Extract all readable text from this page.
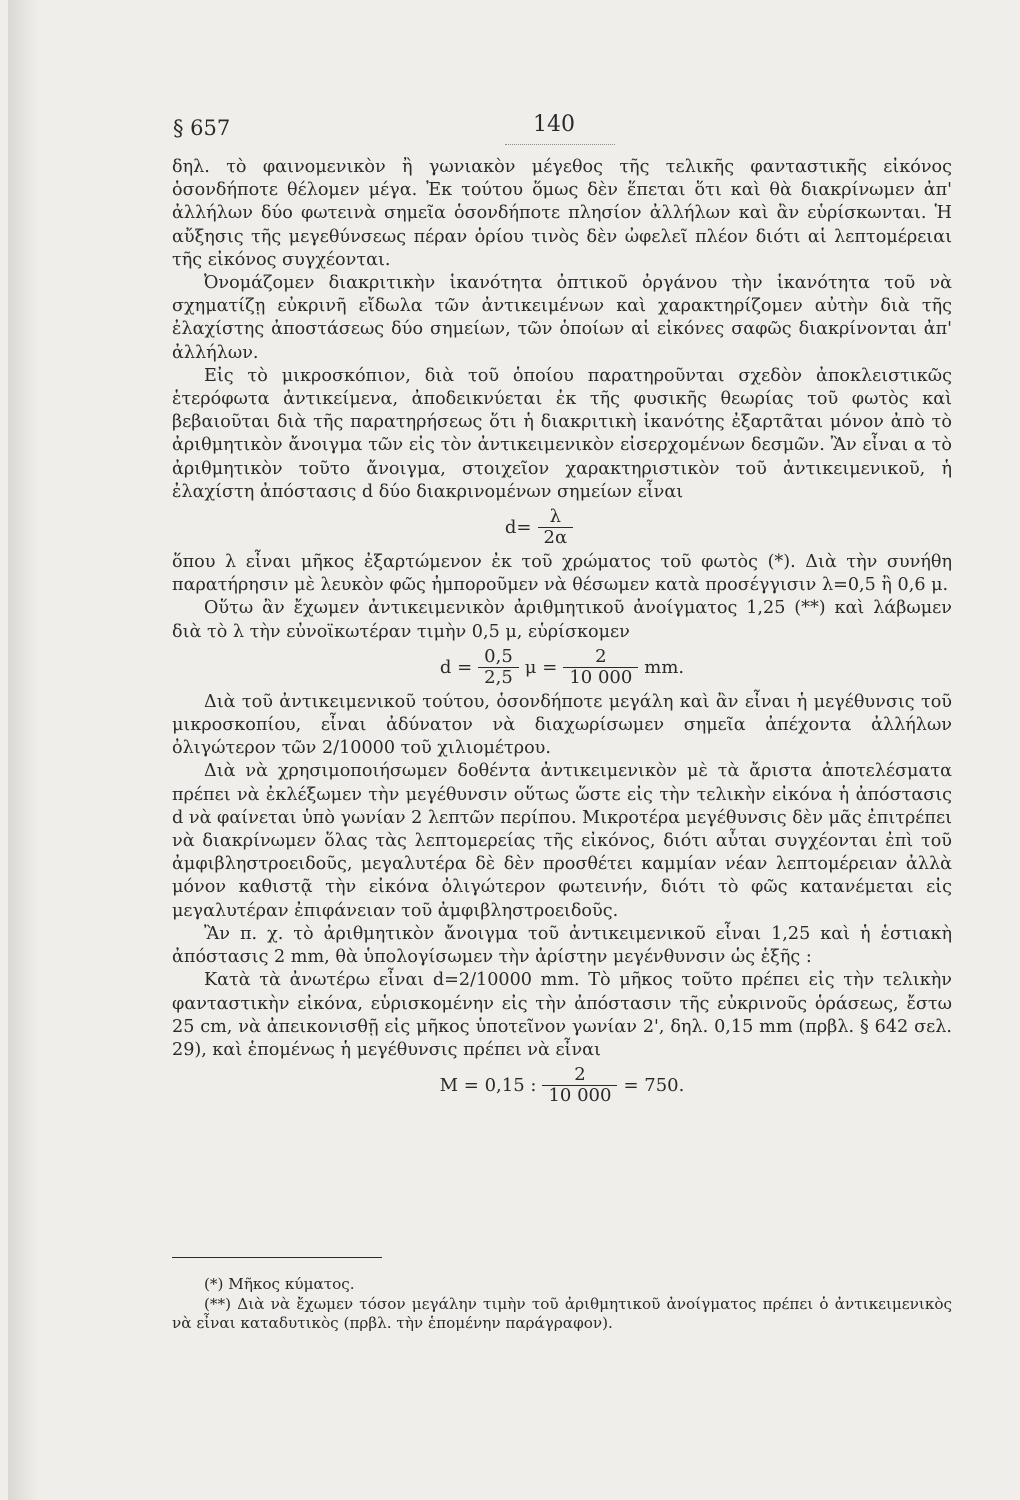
§ 657	140

δηλ. τὸ φαινομενικὸν ἢ γωνιακὸν μέγεθος τῆς τελικῆς φανταστικῆς εἰκόνος ὁσονδήποτε θέλομεν μέγα. Ἐκ τούτου ὅμως δὲν ἕπεται ὅτι καὶ θὰ διακρίνωμεν ἀπ' ἀλλήλων δύο φωτεινὰ σημεῖα ὁσονδήποτε πλησίον ἀλλήλων καὶ ἂν εὑρίσκωνται. Ἡ αὔξησις τῆς μεγεθύνσεως πέραν ὁρίου τινὸς δὲν ὠφελεῖ πλέον διότι αἱ λεπτομέρειαι τῆς εἰκόνος συγχέονται.

Ὀνομάζομεν διακριτικὴν ἱκανότητα ὀπτικοῦ ὀργάνου τὴν ἱκανότητα τοῦ νὰ σχηματίζῃ εὐκρινῆ εἴδωλα τῶν ἀντικειμένων καὶ χαρακτηρίζομεν αὐτὴν διὰ τῆς ἐλαχίστης ἀποστάσεως δύο σημείων, τῶν ὁποίων αἱ εἰκόνες σαφῶς διακρίνονται ἀπ' ἀλλήλων.

Εἰς τὸ μικροσκόπιον, διὰ τοῦ ὁποίου παρατηροῦνται σχεδὸν ἀποκλειστικῶς ἑτερόφωτα ἀντικείμενα, ἀποδεικνύεται ἐκ τῆς φυσικῆς θεωρίας τοῦ φωτὸς καὶ βεβαιοῦται διὰ τῆς παρατηρήσεως ὅτι ἡ διακριτικὴ ἱκανότης ἐξαρτᾶται μόνον ἀπὸ τὸ ἀριθμητικὸν ἄνοιγμα τῶν εἰς τὸν ἀντικειμενικὸν εἰσερχομένων δεσμῶν. Ἂν εἶναι α τὸ ἀριθμητικὸν τοῦτο ἄνοιγμα, στοιχεῖον χαρακτηριστικὸν τοῦ ἀντικειμενικοῦ, ἡ ἐλαχίστη ἀπόστασις d δύο διακρινομένων σημείων εἶναι

$d= \frac{\lambda}{2\alpha}$

ὅπου λ εἶναι μῆκος ἐξαρτώμενον ἐκ τοῦ χρώματος τοῦ φωτὸς (*). Διὰ τὴν συνήθη παρατήρησιν μὲ λευκὸν φῶς ἠμποροῦμεν νὰ θέσωμεν κατὰ προσέγγισιν λ=0,5 ἢ 0,6 μ.

Οὕτω ἂν ἔχωμεν ἀντικειμενικὸν ἀριθμητικοῦ ἀνοίγματος 1,25 (**) καὶ λάβωμεν διὰ τὸ λ τὴν εὐνοϊκωτέραν τιμὴν 0,5 μ, εὑρίσκομεν

$d = \frac{0,5}{2,5}$ $\mu = \frac{2}{10 000}$ mm.

Διὰ τοῦ ἀντικειμενικοῦ τούτου, ὁσονδήποτε μεγάλη καὶ ἂν εἶναι ἡ μεγέθυνσις τοῦ μικροσκοπίου, εἶναι ἀδύνατον νὰ διαχωρίσωμεν σημεῖα ἀπέχοντα ἀλλήλων ὀλιγώτερον τῶν 2/10000 τοῦ χιλιομέτρου.

Διὰ νὰ χρησιμοποιήσωμεν δοθέντα ἀντικειμενικὸν μὲ τὰ ἄριστα ἀποτελέσματα πρέπει νὰ ἐκλέξωμεν τὴν μεγέθυνσιν οὕτως ὥστε εἰς τὴν τελικὴν εἰκόνα ἡ ἀπόστασις d νὰ φαίνεται ὑπὸ γωνίαν 2 λεπτῶν περίπου. Μικροτέρα μεγέθυνσις δὲν μᾶς ἐπιτρέπει νὰ διακρίνωμεν ὅλας τὰς λεπτομερείας τῆς εἰκόνος, διότι αὗται συγχέονται ἐπὶ τοῦ ἀμφιβληστροειδοῦς, μεγαλυτέρα δὲ δὲν προσθέτει καμμίαν νέαν λεπτομέρειαν ἀλλὰ μόνον καθιστᾷ τὴν εἰκόνα ὀλιγώτερον φωτεινήν, διότι τὸ φῶς κατανέμεται εἰς μεγαλυτέραν ἐπιφάνειαν τοῦ ἀμφιβληστροειδοῦς.

Ἂν π. χ. τὸ ἀριθμητικὸν ἄνοιγμα τοῦ ἀντικειμενικοῦ εἶναι 1,25 καὶ ἡ ἑστιακὴ ἀπόστασις 2 mm, θὰ ὑπολογίσωμεν τὴν ἀρίστην μεγένθυνσιν ὡς ἑξῆς :

Κατὰ τὰ ἀνωτέρω εἶναι d=2/10000 mm. Τὸ μῆκος τοῦτο πρέπει εἰς τὴν τελικὴν φανταστικὴν εἰκόνα, εὑρισκομένην εἰς τὴν ἀπόστασιν τῆς εὐκρινοῦς ὁράσεως, ἔστω 25 cm, νὰ ἀπεικονισθῇ εἰς μῆκος ὑποτεῖνον γωνίαν 2', δηλ. 0,15 mm (πρβλ. § 642 σελ. 29), καὶ ἑπομένως ἡ μεγέθυνσις πρέπει νὰ εἶναι

M = 0,15 : $\frac{2}{10 000} = 750$.

(*) Μῆκος κύματος.

(**) Διὰ νὰ ἔχωμεν τόσον μεγάλην τιμὴν τοῦ ἀριθμητικοῦ ἀνοίγματος πρέπει ὁ ἀντικειμενικὸς νὰ εἶναι καταδυτικὸς (πρβλ. τὴν ἑπομένην παράγραφον).
